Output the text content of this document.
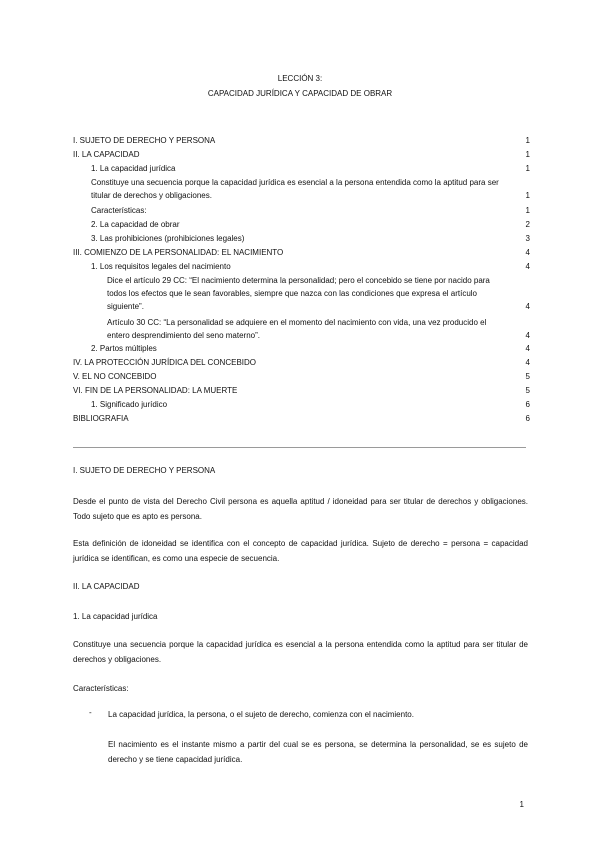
LECCIÓN 3:
CAPACIDAD JURÍDICA Y CAPACIDAD DE OBRAR
I. SUJETO DE DERECHO Y PERSONA	1
II. LA CAPACIDAD	1
1. La capacidad jurídica	1
Constituye una secuencia porque la capacidad jurídica es esencial a la persona entendida como la aptitud para ser titular de derechos y obligaciones.	1
Características:	1
2. La capacidad de obrar	2
3. Las prohibiciones (prohibiciones legales)	3
III. COMIENZO DE LA PERSONALIDAD: EL NACIMIENTO	4
1. Los requisitos legales del nacimiento	4
Dice el artículo 29 CC: “El nacimiento determina la personalidad; pero el concebido se tiene por nacido para todos los efectos que le sean favorables, siempre que nazca con las condiciones que expresa el artículo siguiente”.	4
Artículo 30 CC: “La personalidad se adquiere en el momento del nacimiento con vida, una vez producido el entero desprendimiento del seno materno”.	4
2. Partos múltiples	4
IV. LA PROTECCIÓN JURÍDICA DEL CONCEBIDO	4
V. EL NO CONCEBIDO	5
VI. FIN DE LA PERSONALIDAD: LA MUERTE	5
1. Significado jurídico	6
BIBLIOGRAFIA	6
I. SUJETO DE DERECHO Y PERSONA
Desde el punto de vista del Derecho Civil persona es aquella aptitud / idoneidad para ser titular de derechos y obligaciones. Todo sujeto que es apto es persona.
Esta definición de idoneidad se identifica con el concepto de capacidad jurídica. Sujeto de derecho = persona = capacidad jurídica se identifican, es como una especie de secuencia.
II. LA CAPACIDAD
1. La capacidad jurídica
Constituye una secuencia porque la capacidad jurídica es esencial a la persona entendida como la aptitud para ser titular de derechos y obligaciones.
Características:
- La capacidad jurídica, la persona, o el sujeto de derecho, comienza con el nacimiento.
El nacimiento es el instante mismo a partir del cual se es persona, se determina la personalidad, se es sujeto de derecho y se tiene capacidad jurídica.
1
